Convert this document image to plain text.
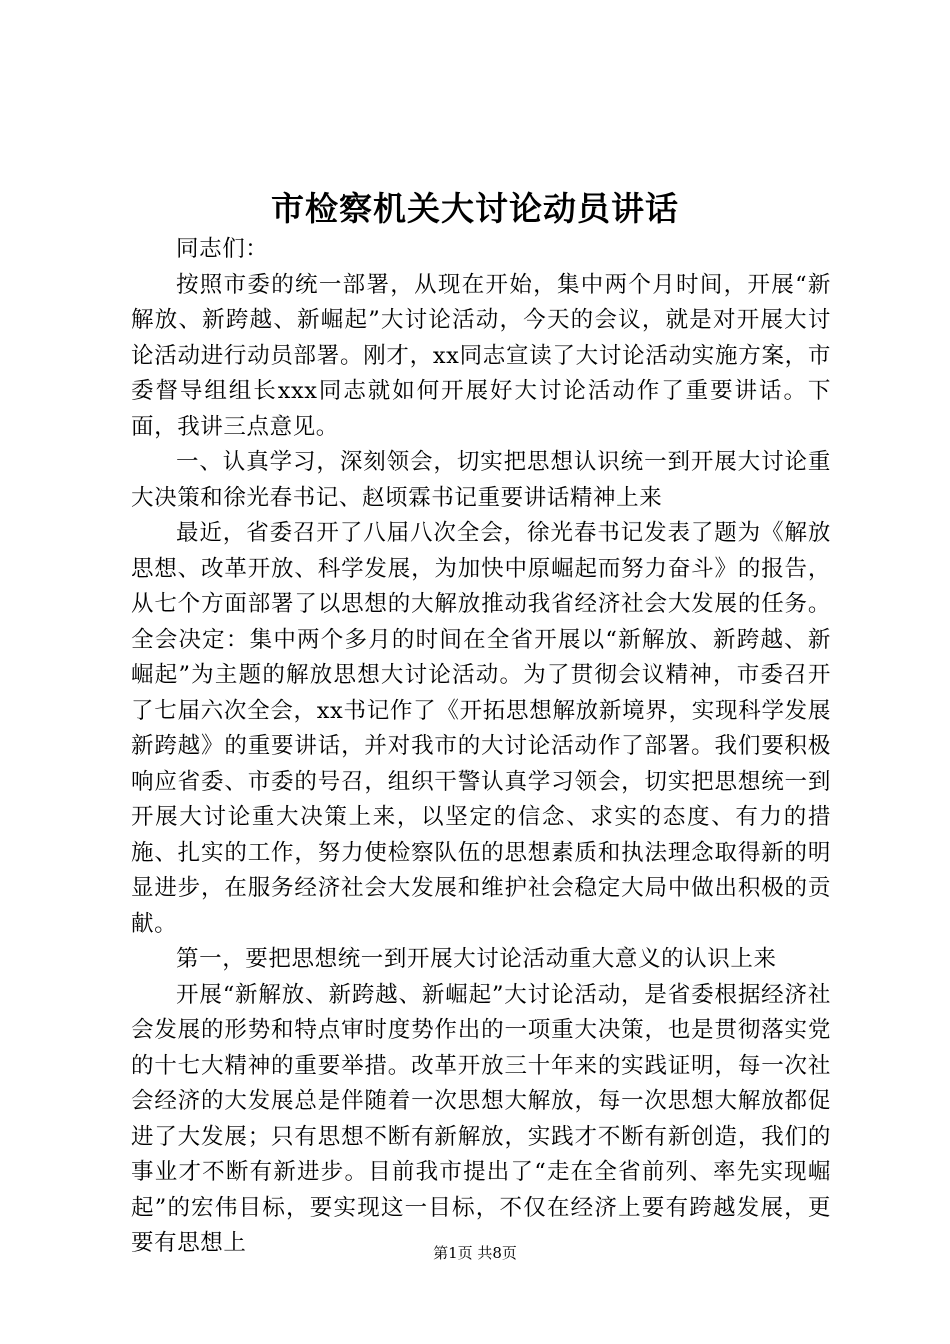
市检察机关大讨论动员讲话

同志们：

按照市委的统一部署，从现在开始，集中两个月时间，开展“新解放、新跨越、新崛起”大讨论活动，今天的会议，就是对开展大讨论活动进行动员部署。刚才，xx同志宣读了大讨论活动实施方案，市委督导组组长xxx同志就如何开展好大讨论活动作了重要讲话。下面，我讲三点意见。

一、认真学习，深刻领会，切实把思想认识统一到开展大讨论重大决策和徐光春书记、赵顷霖书记重要讲话精神上来

最近，省委召开了八届八次全会，徐光春书记发表了题为《解放思想、改革开放、科学发展，为加快中原崛起而努力奋斗》的报告，从七个方面部署了以思想的大解放推动我省经济社会大发展的任务。全会决定：集中两个多月的时间在全省开展以“新解放、新跨越、新崛起”为主题的解放思想大讨论活动。为了贯彻会议精神，市委召开了七届六次全会，xx书记作了《开拓思想解放新境界，实现科学发展新跨越》的重要讲话，并对我市的大讨论活动作了部署。我们要积极响应省委、市委的号召，组织干警认真学习领会，切实把思想统一到开展大讨论重大决策上来，以坚定的信念、求实的态度、有力的措施、扎实的工作，努力使检察队伍的思想素质和执法理念取得新的明显进步，在服务经济社会大发展和维护社会稳定大局中做出积极的贡献。

第一，要把思想统一到开展大讨论活动重大意义的认识上来

开展“新解放、新跨越、新崛起”大讨论活动，是省委根据经济社会发展的形势和特点审时度势作出的一项重大决策，也是贯彻落实党的十七大精神的重要举措。改革开放三十年来的实践证明，每一次社会经济的大发展总是伴随着一次思想大解放，每一次思想大解放都促进了大发展；只有思想不断有新解放，实践才不断有新创造，我们的事业才不断有新进步。目前我市提出了“走在全省前列、率先实现崛起”的宏伟目标，要实现这一目标，不仅在经济上要有跨越发展，更要有思想上	第1页 共8页
